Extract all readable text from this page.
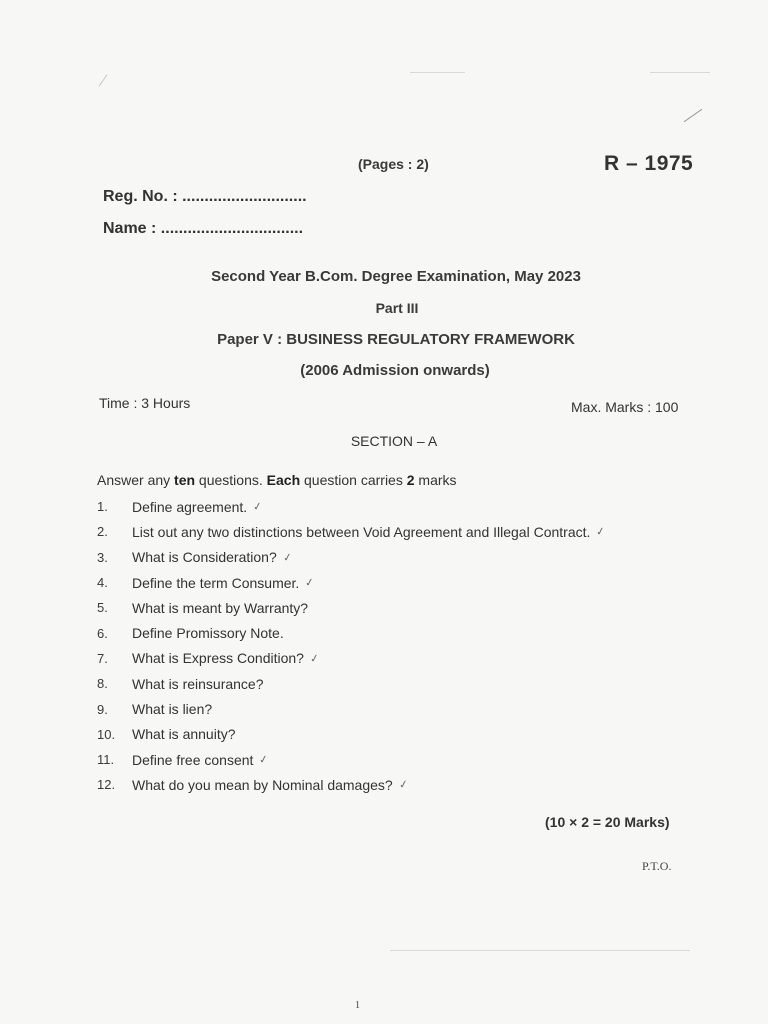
(Pages : 2)	R – 1975
Reg. No. : ............................
Name : ................................
Second Year B.Com. Degree Examination, May 2023
Part III
Paper V : BUSINESS REGULATORY FRAMEWORK
(2006 Admission onwards)
Time : 3 Hours	Max. Marks : 100
SECTION – A
Answer any ten questions. Each question carries 2 marks
1.	Define agreement. ✓
2.	List out any two distinctions between Void Agreement and Illegal Contract. ✓
3.	What is Consideration? ✓
4.	Define the term Consumer. ✓
5.	What is meant by Warranty?
6.	Define Promissory Note.
7.	What is Express Condition? ✓
8.	What is reinsurance?
9.	What is lien?
10.	What is annuity?
11.	Define free consent ✓
12.	What do you mean by Nominal damages? ✓
(10 × 2 = 20 Marks)
P.T.O.
1
